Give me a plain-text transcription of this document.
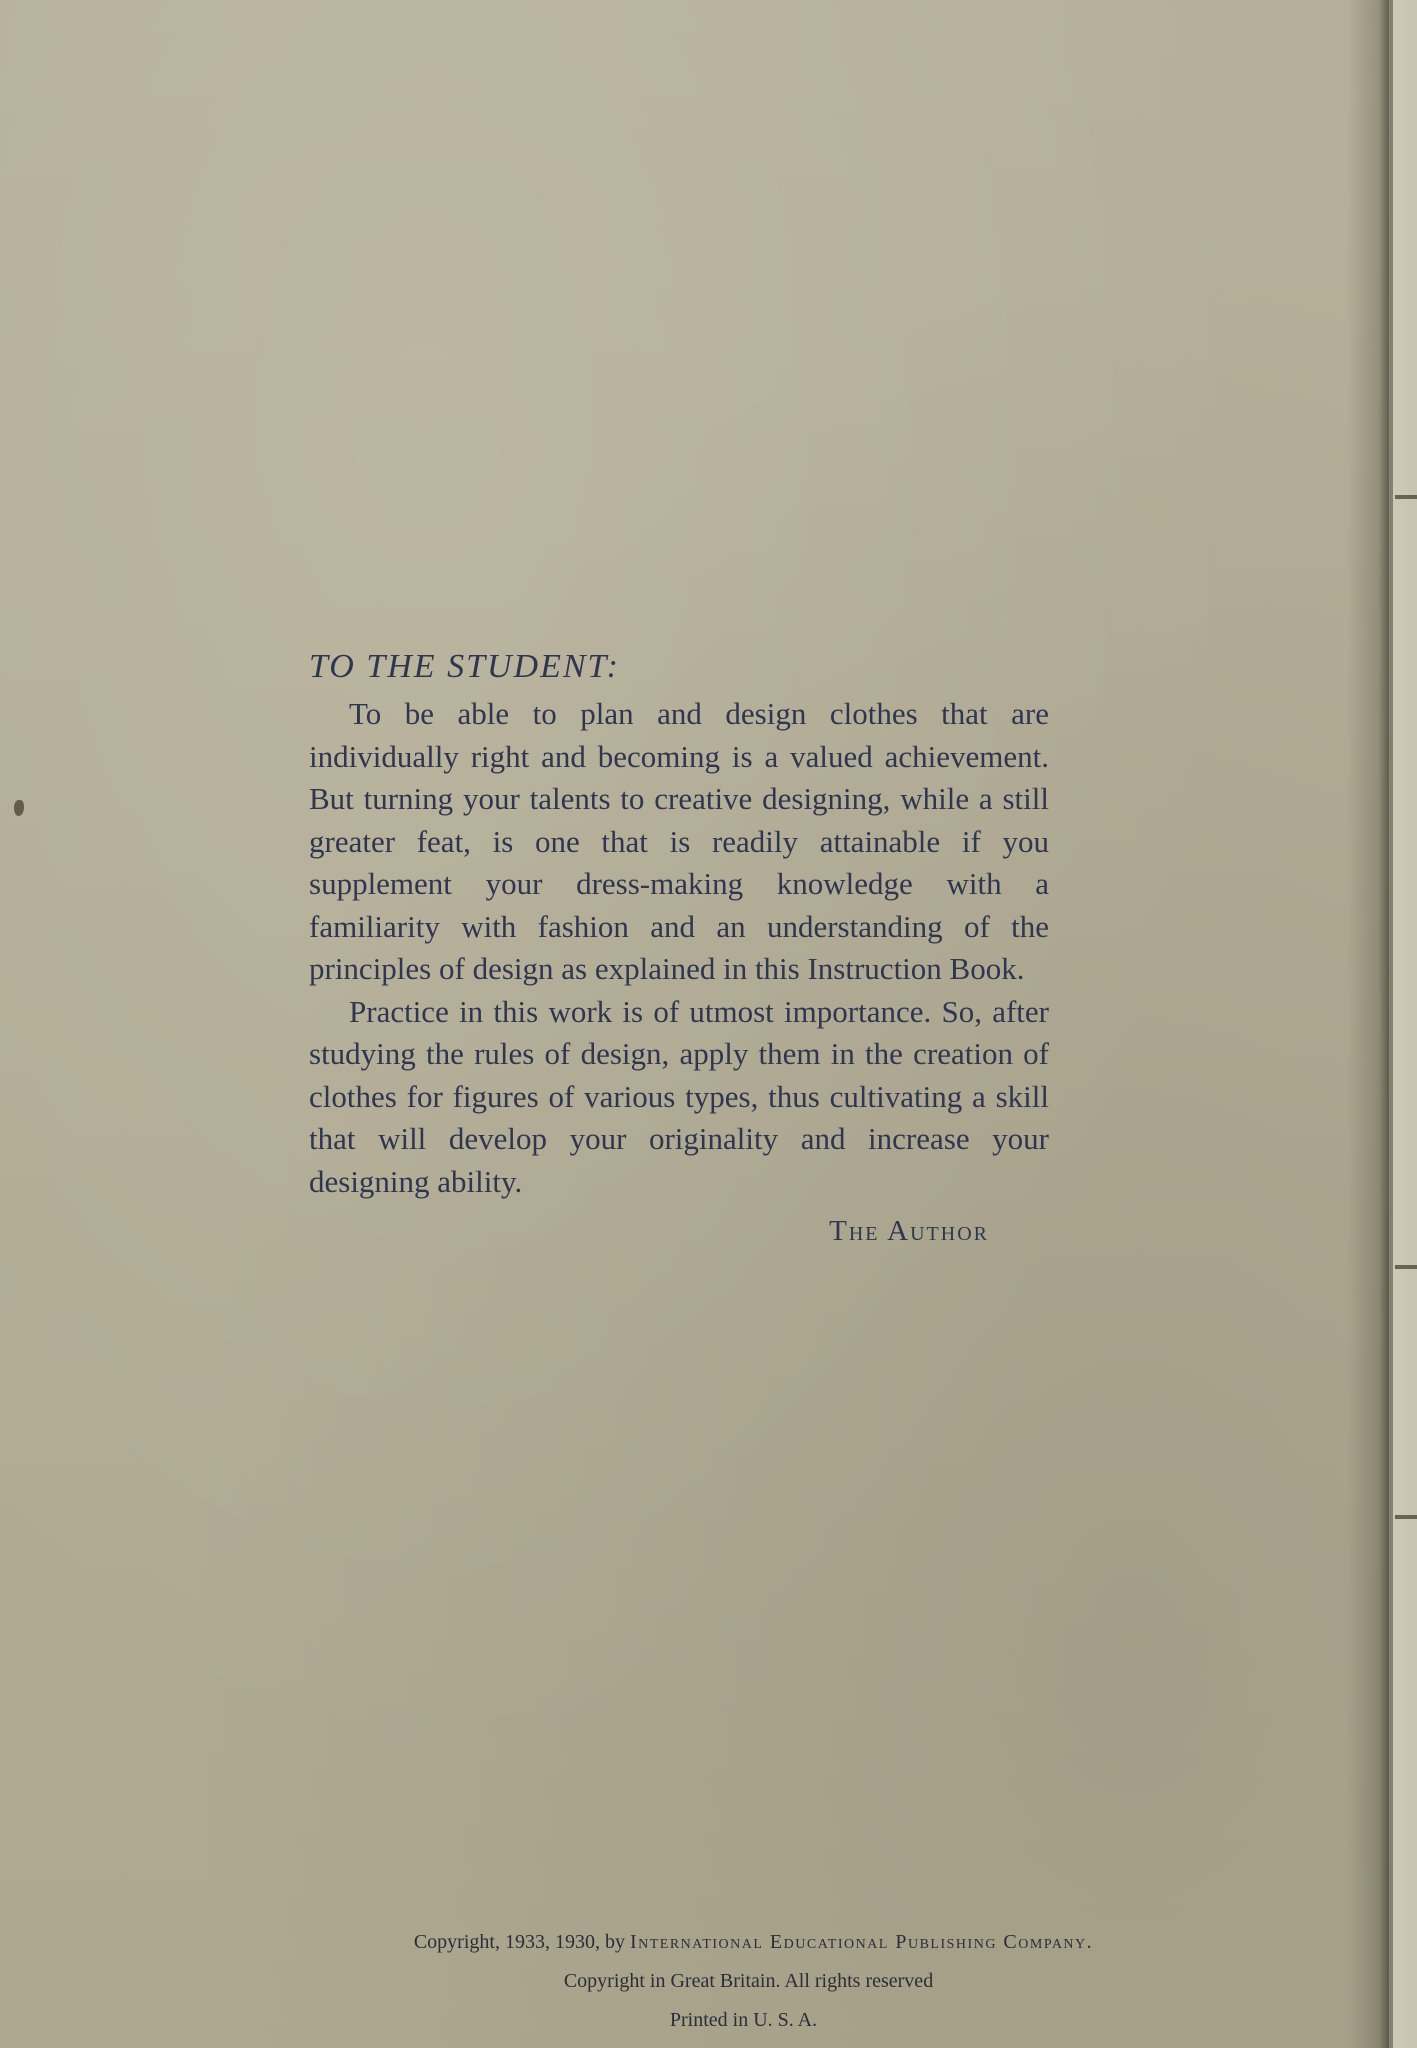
TO THE STUDENT:

To be able to plan and design clothes that are individually right and becoming is a valued achievement. But turning your talents to creative designing, while a still greater feat, is one that is readily attainable if you supplement your dress-making knowledge with a familiarity with fashion and an understanding of the principles of design as explained in this Instruction Book.

Practice in this work is of utmost importance. So, after studying the rules of design, apply them in the creation of clothes for figures of various types, thus cultivating a skill that will develop your originality and increase your designing ability.

The Author
Copyright, 1933, 1930, by International Educational Publishing Company.
Copyright in Great Britain. All rights reserved
Printed in U. S. A.
